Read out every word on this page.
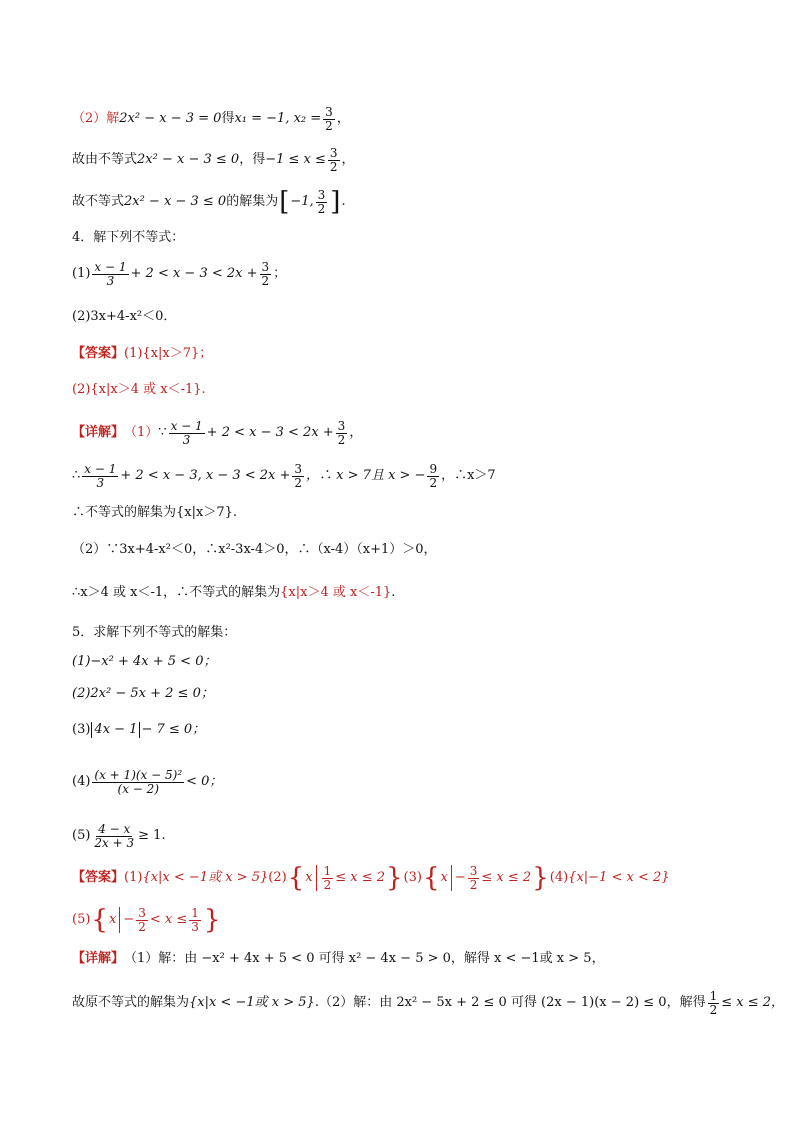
（2）解 2x² − x − 3 = 0 得 x₁ = −1, $x_2 = \frac{3}{2}$ ，
故由不等式 2x² − x − 3 ≤ 0 ，得 $-1 \le x \le \frac{3}{2}$ ，
故不等式 2x² − x − 3 ≤ 0 的解集为 [ −1, $\frac{3}{2}$ ] .
4．解下列不等式：
$(1) \frac{x - 1}{3} + 2 < x - 3 < 2x + \frac{3}{2}$ ；
(2)3x+4-x²＜0．
【答案】 (1){x|x＞7}；
(2){x|x＞4 或 x＜-1}.
【详解】 （1） ∵ $\frac{x - 1}{3} + 2 < x - 3 < 2x + \frac{3}{2}$ ，
∴ $\frac{x - 1}{3} + 2 < x - 3$, $x - 3 < 2x + \frac{3}{2}$ ，∴ x > 7且 x > − $\frac{9}{2}$ ，∴x＞7
∴不等式的解集为{x|x＞7}.
（2）∵3x+4-x²＜0，∴x²-3x-4＞0，∴（x-4）（x+1）＞0，
∴x＞4 或 x＜-1，∴不等式的解集为 {x|x＞4 或 x＜-1} .
5．求解下列不等式的解集：
(1)−x² + 4x + 5 < 0；
(2)2x² − 5x + 2 ≤ 0；
(3) 4x − 1 − 7 ≤ 0；
$(4) \frac{\text{(x + 1)(x − 5)²}}{(x - 2)} < 0$；
$(5) \frac{4 - x}{2x + 3} \ge 1$.
【答案】 (1) {x|x < −1或 x > 5} (2) { x $\frac{1}{2} \le x \le 2$ } (3) { $x - \frac{3}{2} \le x \le 2$ } (4) {x|−1 < x < 2}
(5) { $x - \frac{3}{2} < x \le \frac{1}{3}$ }
【详解】 （1）解：由 −x² + 4x + 5 < 0 可得 x² − 4x − 5 > 0，解得 x < −1或 x > 5，
故原不等式的解集为 {x|x < −1或 x > 5} .（2）解：由 2x² − 5x + 2 ≤ 0 可得 (2x − 1)(x − 2) ≤ 0，解得 $\frac{1}{2} \le x \le 2$，
